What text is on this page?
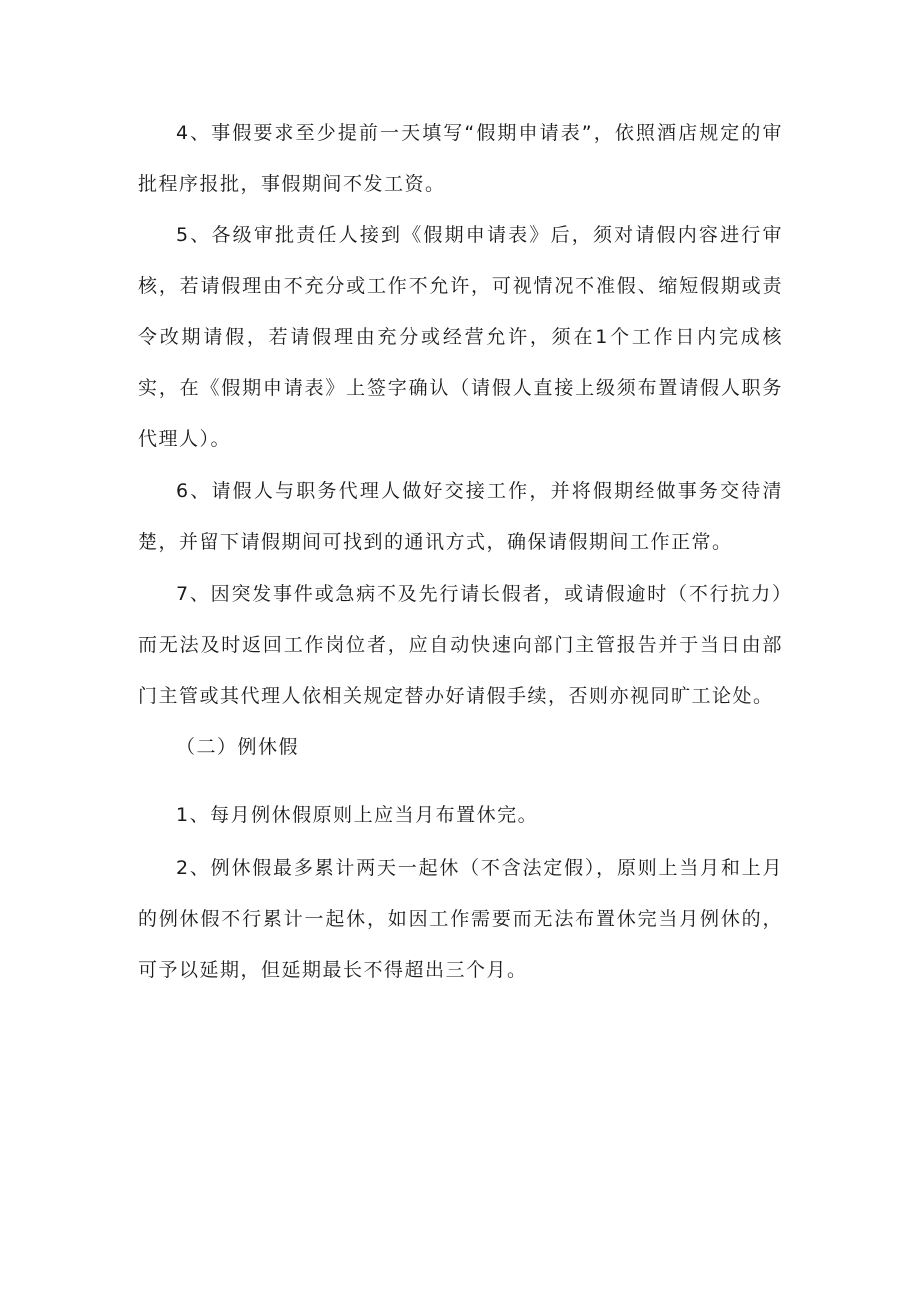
4、事假要求至少提前一天填写“假期申请表”，依照酒店规定的审批程序报批，事假期间不发工资。

5、各级审批责任人接到《假期申请表》后，须对请假内容进行审核，若请假理由不充分或工作不允许，可视情况不准假、缩短假期或责令改期请假，若请假理由充分或经营允许，须在1个工作日内完成核实，在《假期申请表》上签字确认（请假人直接上级须布置请假人职务代理人）。

6、请假人与职务代理人做好交接工作，并将假期经做事务交待清楚，并留下请假期间可找到的通讯方式，确保请假期间工作正常。

7、因突发事件或急病不及先行请长假者，或请假逾时（不行抗力）而无法及时返回工作岗位者，应自动快速向部门主管报告并于当日由部门主管或其代理人依相关规定替办好请假手续，否则亦视同旷工论处。

（二）例休假

1、每月例休假原则上应当月布置休完。

2、例休假最多累计两天一起休（不含法定假），原则上当月和上月的例休假不行累计一起休，如因工作需要而无法布置休完当月例休的，可予以延期，但延期最长不得超出三个月。
